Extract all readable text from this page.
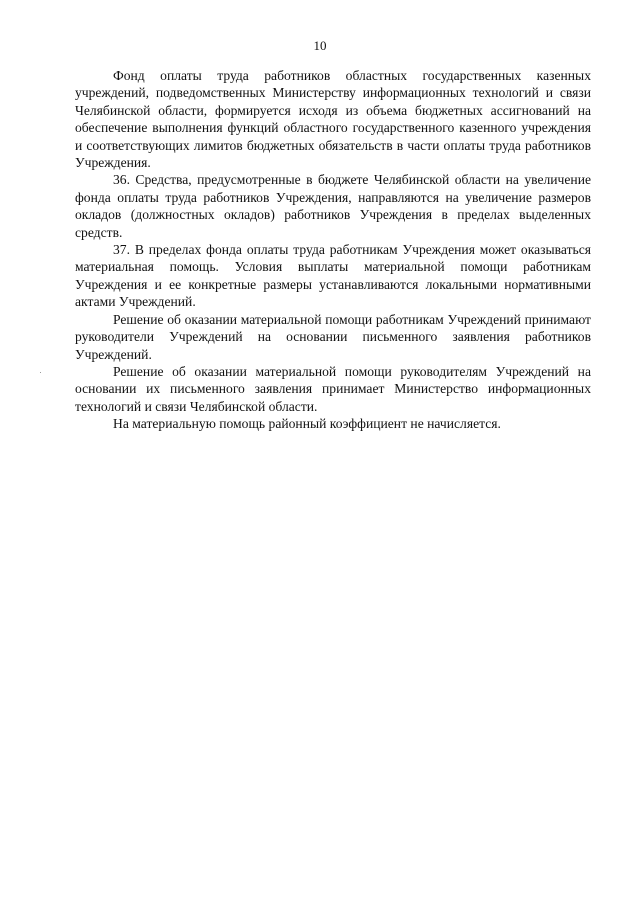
10

Фонд оплаты труда работников областных государственных казенных учреждений, подведомственных Министерству информационных технологий и связи Челябинской области, формируется исходя из объема бюджетных ассигнований на обеспечение выполнения функций областного государственного казенного учреждения и соответствующих лимитов бюджетных обязательств в части оплаты труда работников Учреждения.

36. Средства, предусмотренные в бюджете Челябинской области на увеличение фонда оплаты труда работников Учреждения, направляются на увеличение размеров окладов (должностных окладов) работников Учреждения в пределах выделенных средств.

37. В пределах фонда оплаты труда работникам Учреждения может оказываться материальная помощь. Условия выплаты материальной помощи работникам Учреждения и ее конкретные размеры устанавливаются локальными нормативными актами Учреждений.

Решение об оказании материальной помощи работникам Учреждений принимают руководители Учреждений на основании письменного заявления работников Учреждений.

Решение об оказании материальной помощи руководителям Учреждений на основании их письменного заявления принимает Министерство информационных технологий и связи Челябинской области.

На материальную помощь районный коэффициент не начисляется.
